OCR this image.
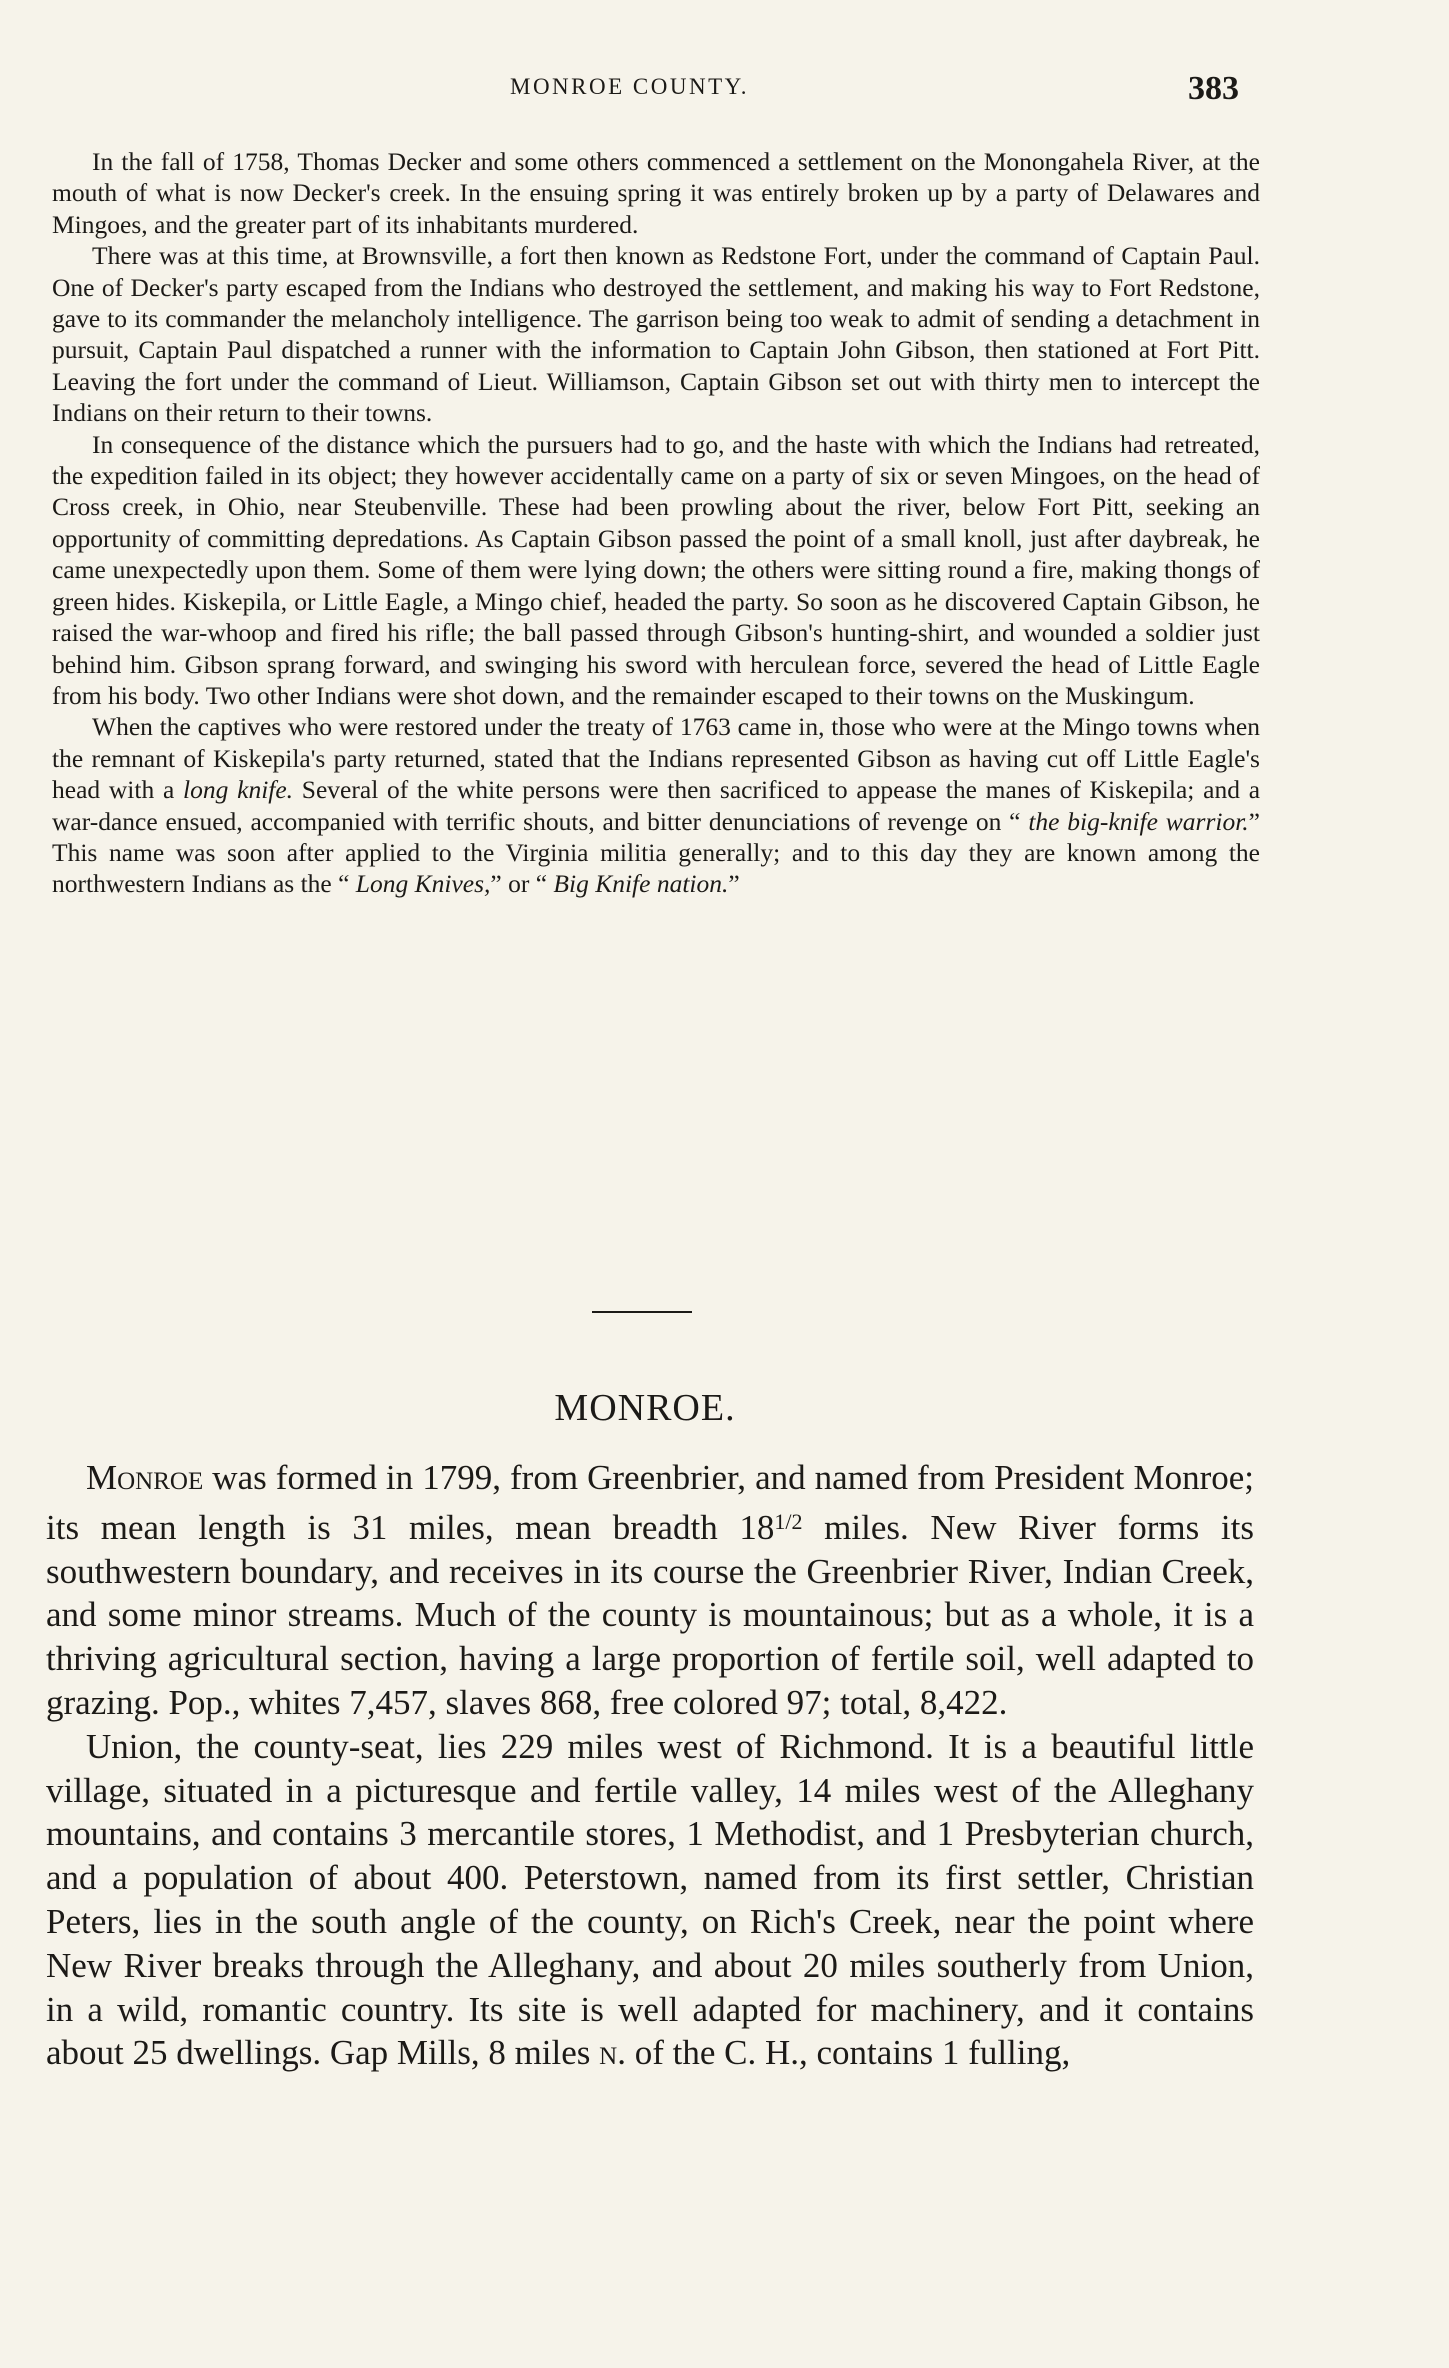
MONROE COUNTY.	383

In the fall of 1758, Thomas Decker and some others commenced a settlement on the Monongahela River, at the mouth of what is now Decker's creek. In the ensuing spring it was entirely broken up by a party of Delawares and Mingoes, and the greater part of its inhabitants murdered.

There was at this time, at Brownsville, a fort then known as Redstone Fort, under the command of Captain Paul. One of Decker's party escaped from the Indians who destroyed the settlement, and making his way to Fort Redstone, gave to its commander the melancholy intelligence. The garrison being too weak to admit of sending a detachment in pursuit, Captain Paul dispatched a runner with the information to Captain John Gibson, then stationed at Fort Pitt. Leaving the fort under the command of Lieut. Williamson, Captain Gibson set out with thirty men to intercept the Indians on their return to their towns.

In consequence of the distance which the pursuers had to go, and the haste with which the Indians had retreated, the expedition failed in its object; they however accidentally came on a party of six or seven Mingoes, on the head of Cross creek, in Ohio, near Steubenville. These had been prowling about the river, below Fort Pitt, seeking an opportunity of committing depredations. As Captain Gibson passed the point of a small knoll, just after daybreak, he came unexpectedly upon them. Some of them were lying down; the others were sitting round a fire, making thongs of green hides. Kiskepila, or Little Eagle, a Mingo chief, headed the party. So soon as he discovered Captain Gibson, he raised the war-whoop and fired his rifle; the ball passed through Gibson's hunting-shirt, and wounded a soldier just behind him. Gibson sprang forward, and swinging his sword with herculean force, severed the head of Little Eagle from his body. Two other Indians were shot down, and the remainder escaped to their towns on the Muskingum.

When the captives who were restored under the treaty of 1763 came in, those who were at the Mingo towns when the remnant of Kiskepila's party returned, stated that the Indians represented Gibson as having cut off Little Eagle's head with a long knife. Several of the white persons were then sacrificed to appease the manes of Kiskepila; and a war-dance ensued, accompanied with terrific shouts, and bitter denunciations of revenge on “ the big-knife warrior.” This name was soon after applied to the Virginia militia generally; and to this day they are known among the northwestern Indians as the “ Long Knives,” or “ Big Knife nation.”

MONROE.

Monroe was formed in 1799, from Greenbrier, and named from President Monroe; its mean length is 31 miles, mean breadth $18^{1/2}$ miles. New River forms its southwestern boundary, and receives in its course the Greenbrier River, Indian Creek, and some minor streams. Much of the county is mountainous; but as a whole, it is a thriving agricultural section, having a large proportion of fertile soil, well adapted to grazing. Pop., whites 7,457, slaves 868, free colored 97; total, 8,422.

Union, the county-seat, lies 229 miles west of Richmond. It is a beautiful little village, situated in a picturesque and fertile valley, 14 miles west of the Alleghany mountains, and contains 3 mercantile stores, 1 Methodist, and 1 Presbyterian church, and a population of about 400. Peterstown, named from its first settler, Christian Peters, lies in the south angle of the county, on Rich's Creek, near the point where New River breaks through the Alleghany, and about 20 miles southerly from Union, in a wild, romantic country. Its site is well adapted for machinery, and it contains about 25 dwellings. Gap Mills, 8 miles n. of the C. H., contains 1 fulling,
